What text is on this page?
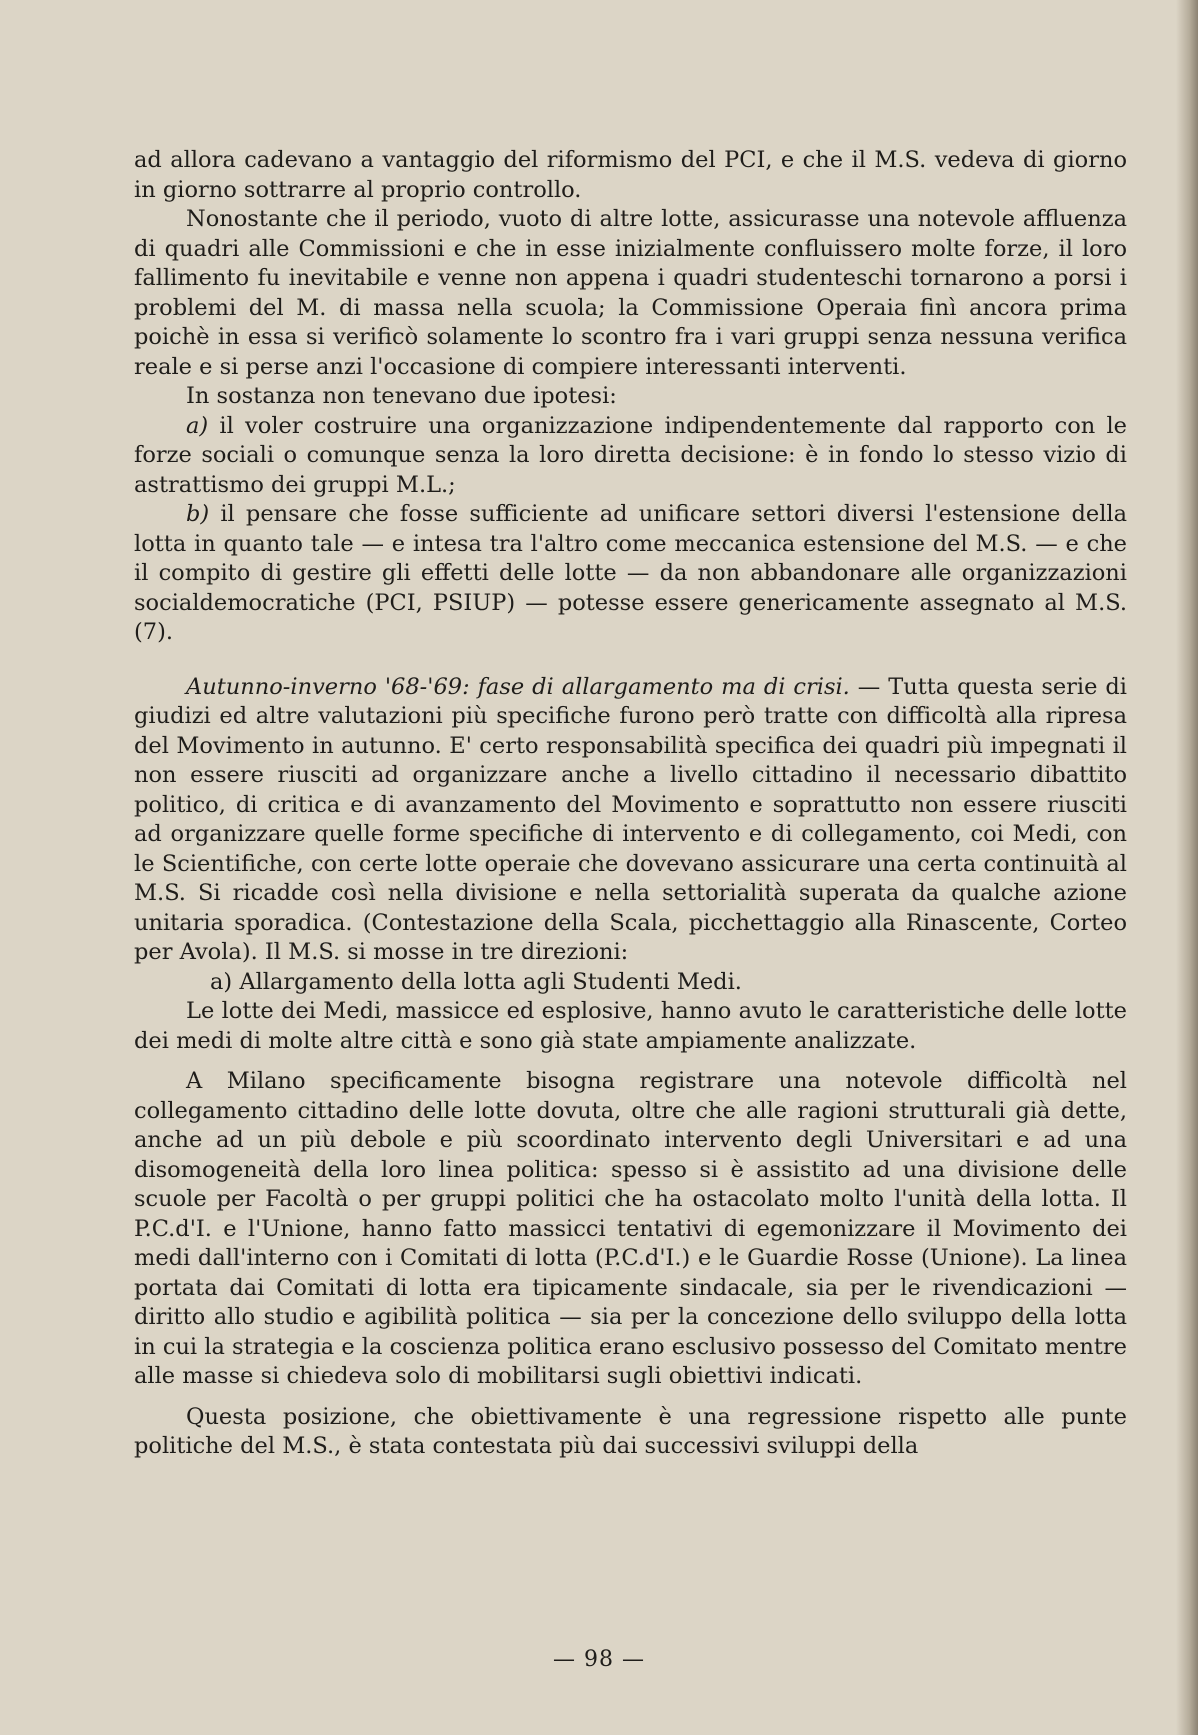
ad allora cadevano a vantaggio del riformismo del PCI, e che il M.S. vedeva di giorno in giorno sottrarre al proprio controllo.

Nonostante che il periodo, vuoto di altre lotte, assicurasse una notevole affluenza di quadri alle Commissioni e che in esse inizialmente confluissero molte forze, il loro fallimento fu inevitabile e venne non appena i quadri studenteschi tornarono a porsi i problemi del M. di massa nella scuola; la Commissione Operaia finì ancora prima poichè in essa si verificò solamente lo scontro fra i vari gruppi senza nessuna verifica reale e si perse anzi l'occasione di compiere interessanti interventi.

In sostanza non tenevano due ipotesi:

a) il voler costruire una organizzazione indipendentemente dal rapporto con le forze sociali o comunque senza la loro diretta decisione: è in fondo lo stesso vizio di astrattismo dei gruppi M.L.;

b) il pensare che fosse sufficiente ad unificare settori diversi l'estensione della lotta in quanto tale — e intesa tra l'altro come meccanica estensione del M.S. — e che il compito di gestire gli effetti delle lotte — da non abbandonare alle organizzazioni socialdemocratiche (PCI, PSIUP) — potesse essere genericamente assegnato al M.S. (7).

Autunno-inverno '68-'69: fase di allargamento ma di crisi. — Tutta questa serie di giudizi ed altre valutazioni più specifiche furono però tratte con difficoltà alla ripresa del Movimento in autunno. E' certo responsabilità specifica dei quadri più impegnati il non essere riusciti ad organizzare anche a livello cittadino il necessario dibattito politico, di critica e di avanzamento del Movimento e soprattutto non essere riusciti ad organizzare quelle forme specifiche di intervento e di collegamento, coi Medi, con le Scientifiche, con certe lotte operaie che dovevano assicurare una certa continuità al M.S. Si ricadde così nella divisione e nella settorialità superata da qualche azione unitaria sporadica. (Contestazione della Scala, picchettaggio alla Rinascente, Corteo per Avola). Il M.S. si mosse in tre direzioni:

a) Allargamento della lotta agli Studenti Medi.

Le lotte dei Medi, massicce ed esplosive, hanno avuto le caratteristiche delle lotte dei medi di molte altre città e sono già state ampiamente analizzate.

A Milano specificamente bisogna registrare una notevole difficoltà nel collegamento cittadino delle lotte dovuta, oltre che alle ragioni strutturali già dette, anche ad un più debole e più scoordinato intervento degli Universitari e ad una disomogeneità della loro linea politica: spesso si è assistito ad una divisione delle scuole per Facoltà o per gruppi politici che ha ostacolato molto l'unità della lotta. Il P.C.d'I. e l'Unione, hanno fatto massicci tentativi di egemonizzare il Movimento dei medi dall'interno con i Comitati di lotta (P.C.d'I.) e le Guardie Rosse (Unione). La linea portata dai Comitati di lotta era tipicamente sindacale, sia per le rivendicazioni — diritto allo studio e agibilità politica — sia per la concezione dello sviluppo della lotta in cui la strategia e la coscienza politica erano esclusivo possesso del Comitato mentre alle masse si chiedeva solo di mobilitarsi sugli obiettivi indicati.

Questa posizione, che obiettivamente è una regressione rispetto alle punte politiche del M.S., è stata contestata più dai successivi sviluppi della

— 98 —
